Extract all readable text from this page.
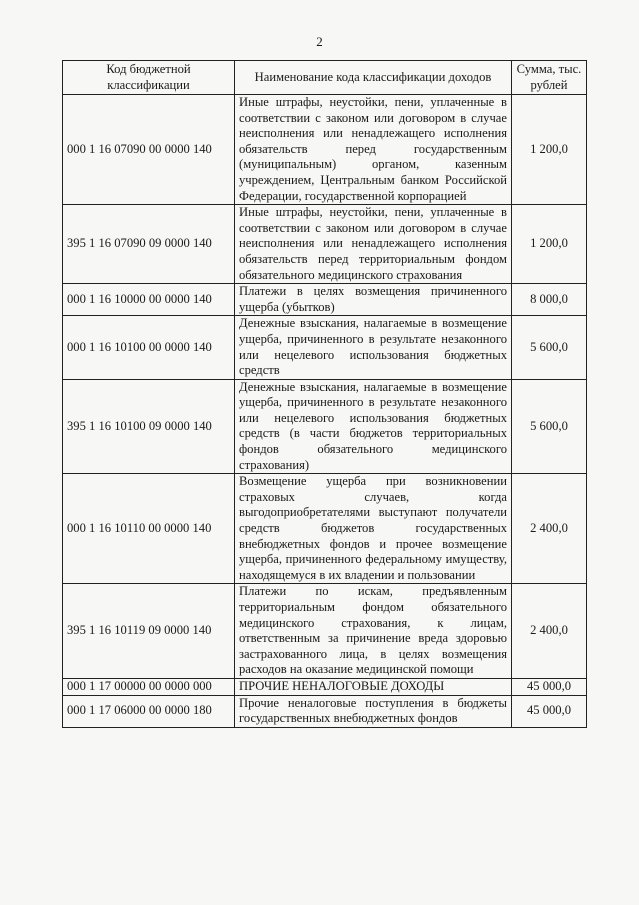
2
Код бюджетной классификации	Наименование кода классификации доходов	Сумма, тыс. рублей
000 1 16 07090 00 0000 140	Иные штрафы, неустойки, пени, уплаченные в соответствии с законом или договором в случае неисполнения или ненадлежащего исполнения обязательств перед государственным (муниципальным) органом, казенным учреждением, Центральным банком Российской Федерации, государственной корпорацией	1 200,0
395 1 16 07090 09 0000 140	Иные штрафы, неустойки, пени, уплаченные в соответствии с законом или договором в случае неисполнения или ненадлежащего исполнения обязательств перед территориальным фондом обязательного медицинского страхования	1 200,0
000 1 16 10000 00 0000 140	Платежи в целях возмещения причиненного ущерба (убытков)	8 000,0
000 1 16 10100 00 0000 140	Денежные взыскания, налагаемые в возмещение ущерба, причиненного в результате незаконного или нецелевого использования бюджетных средств	5 600,0
395 1 16 10100 09 0000 140	Денежные взыскания, налагаемые в возмещение ущерба, причиненного в результате незаконного или нецелевого использования бюджетных средств (в части бюджетов территориальных фондов обязательного медицинского страхования)	5 600,0
000 1 16 10110 00 0000 140	Возмещение ущерба при возникновении страховых случаев, когда выгодоприобретателями выступают получатели средств бюджетов государственных внебюджетных фондов и прочее возмещение ущерба, причиненного федеральному имуществу, находящемуся в их владении и пользовании	2 400,0
395 1 16 10119 09 0000 140	Платежи по искам, предъявленным территориальным фондом обязательного медицинского страхования, к лицам, ответственным за причинение вреда здоровью застрахованного лица, в целях возмещения расходов на оказание медицинской помощи	2 400,0
000 1 17 00000 00 0000 000	ПРОЧИЕ НЕНАЛОГОВЫЕ ДОХОДЫ	45 000,0
000 1 17 06000 00 0000 180	Прочие неналоговые поступления в бюджеты государственных внебюджетных фондов	45 000,0
